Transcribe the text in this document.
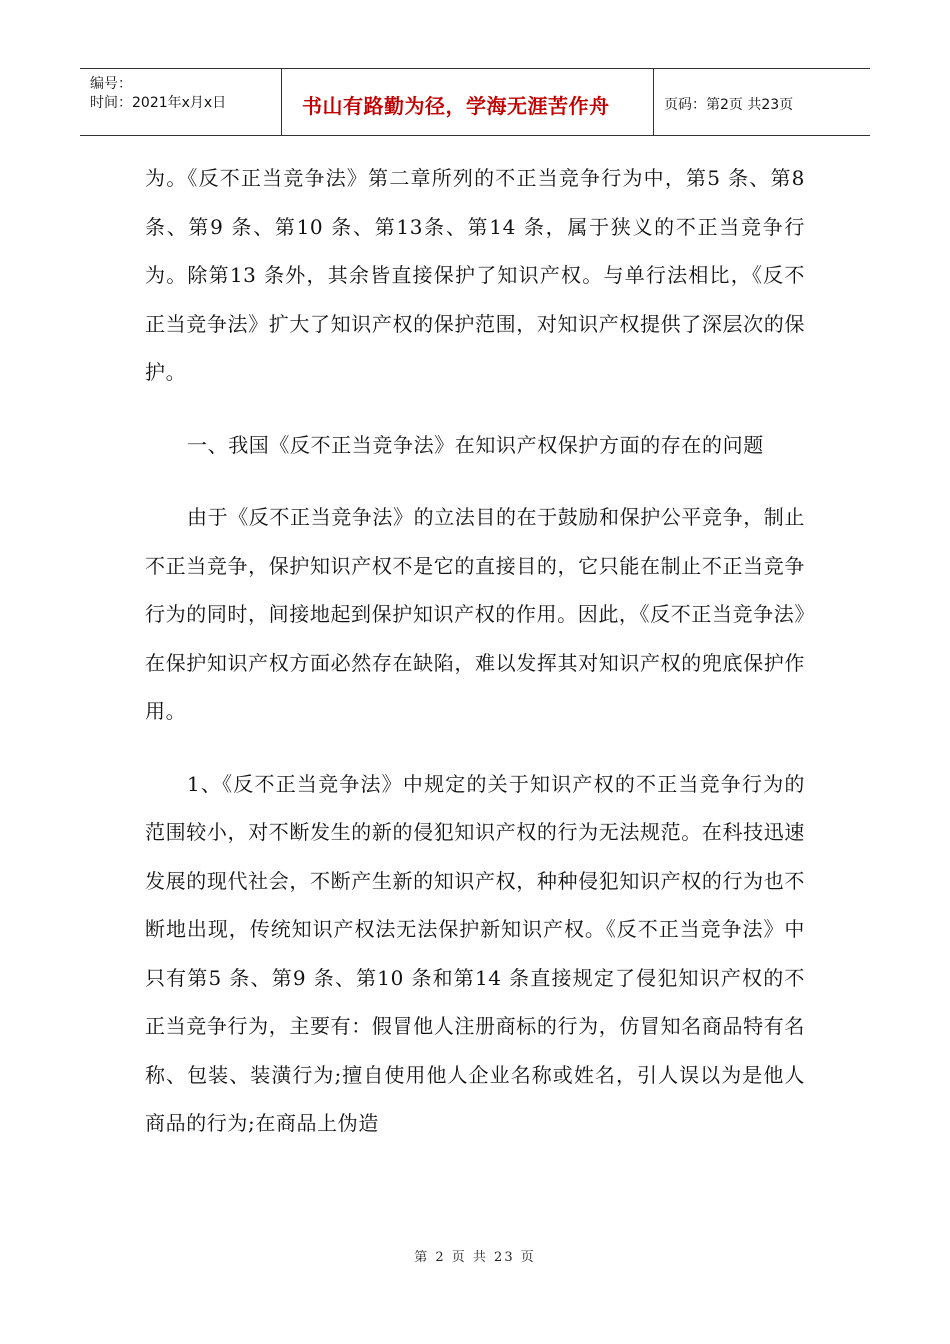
编号：
时间：2021年x月x日	书山有路勤为径，学海无涯苦作舟	页码：第2页 共23页

为。《反不正当竞争法》第二章所列的不正当竞争行为中，第5 条、第8 条、第9 条、第10 条、第13条、第14 条，属于狭义的不正当竞争行为。除第13 条外，其余皆直接保护了知识产权。与单行法相比，《反不正当竞争法》扩大了知识产权的保护范围，对知识产权提供了深层次的保护。

一、我国《反不正当竞争法》在知识产权保护方面的存在的问题

由于《反不正当竞争法》的立法目的在于鼓励和保护公平竞争，制止不正当竞争，保护知识产权不是它的直接目的，它只能在制止不正当竞争行为的同时，间接地起到保护知识产权的作用。因此，《反不正当竞争法》在保护知识产权方面必然存在缺陷，难以发挥其对知识产权的兜底保护作用。

1、《反不正当竞争法》中规定的关于知识产权的不正当竞争行为的范围较小，对不断发生的新的侵犯知识产权的行为无法规范。在科技迅速发展的现代社会，不断产生新的知识产权，种种侵犯知识产权的行为也不断地出现，传统知识产权法无法保护新知识产权。《反不正当竞争法》中只有第5 条、第9 条、第10 条和第14 条直接规定了侵犯知识产权的不正当竞争行为，主要有：假冒他人注册商标的行为，仿冒知名商品特有名称、包装、装潢行为;擅自使用他人企业名称或姓名，引人误以为是他人商品的行为;在商品上伪造

第 2 页 共 23 页
